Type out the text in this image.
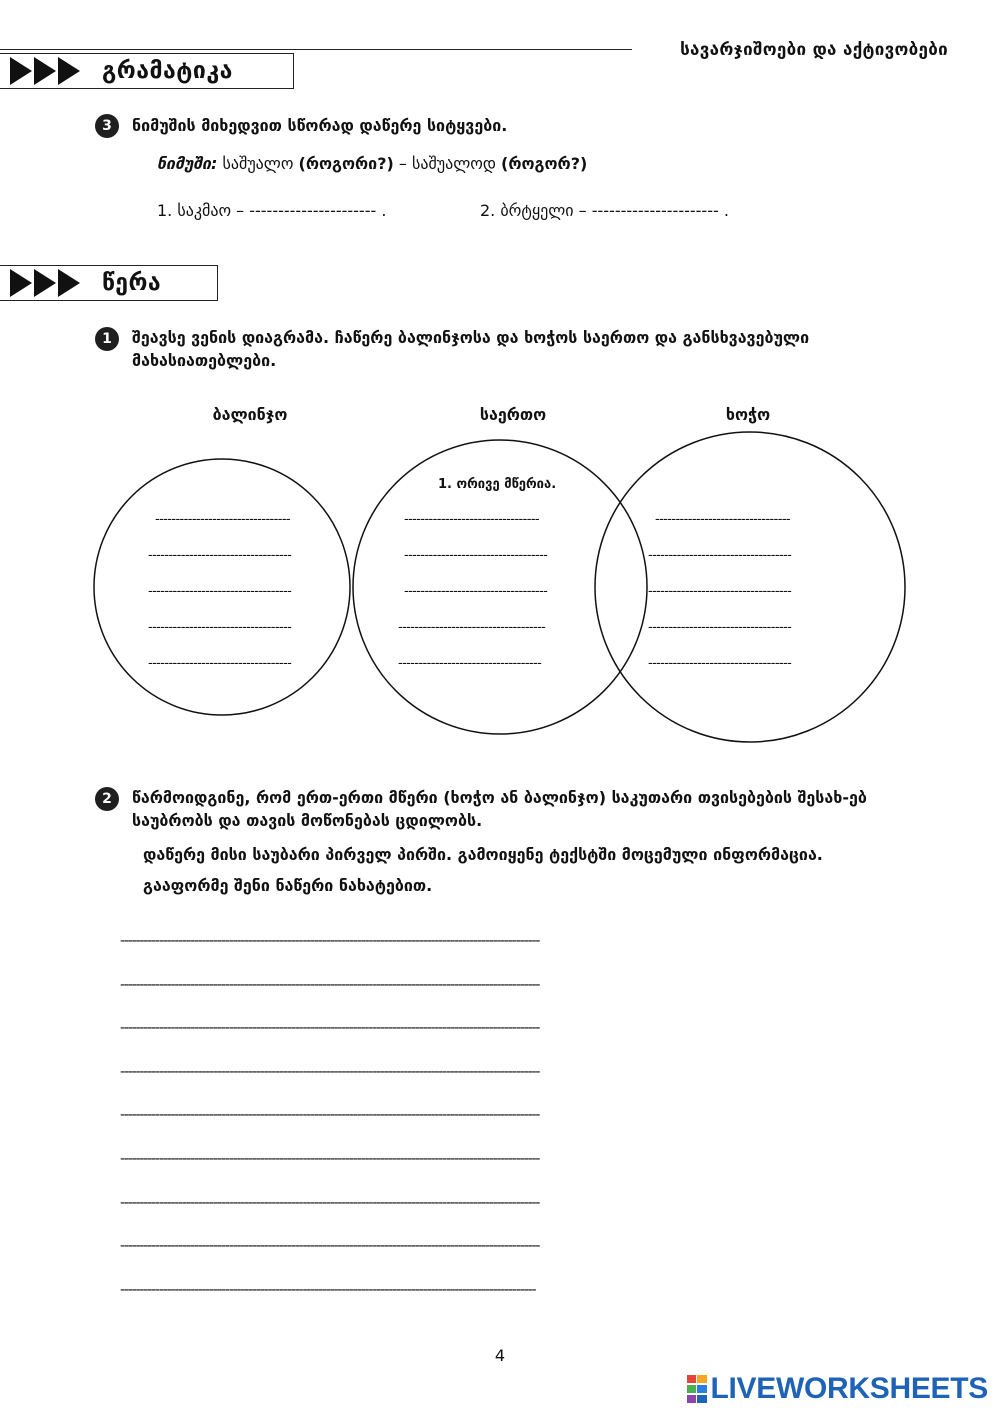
სავარჯიშოები და აქტივობები
გრამატიკა
3	ნიმუშის მიხედვით სწორად დაწერე სიტყვები.
ნიმუში: საშუალო (როგორი?) – საშუალოდ (როგორ?)
1. საკმაო – ---------------------- .	2. ბრტყელი – ---------------------- .
წერა
1	შეავსე ვენის დიაგრამა. ჩაწერე ბალინჯოსა და ხოჭოს საერთო და განსხვავებული მახასიათებლები.
ბალინჯო	საერთო	ხოჭო
1. ორივე მწერია.
---------------------------------
-----------------------------------
-----------------------------------
-----------------------------------
-----------------------------------
---------------------------------
-----------------------------------
-----------------------------------
------------------------------------
-----------------------------------
---------------------------------
-----------------------------------
-----------------------------------
-----------------------------------
-----------------------------------
2	წარმოიდგინე, რომ ერთ-ერთი მწერი (ხოჭო ან ბალინჯო) საკუთარი თვისებების შესახ-ებ საუბრობს და თავის მოწონებას ცდილობს.
დაწერე მისი საუბარი პირველ პირში. გამოიყენე ტექსტში მოცემული ინფორმაცია.
გააფორმე შენი ნაწერი ნახატებით.
------------------------------------------------------------------------------------------------------------
------------------------------------------------------------------------------------------------------------
------------------------------------------------------------------------------------------------------------
------------------------------------------------------------------------------------------------------------
------------------------------------------------------------------------------------------------------------
------------------------------------------------------------------------------------------------------------
------------------------------------------------------------------------------------------------------------
------------------------------------------------------------------------------------------------------------
-----------------------------------------------------------------------------------------------------------
4
LIVEWORKSHEETS
